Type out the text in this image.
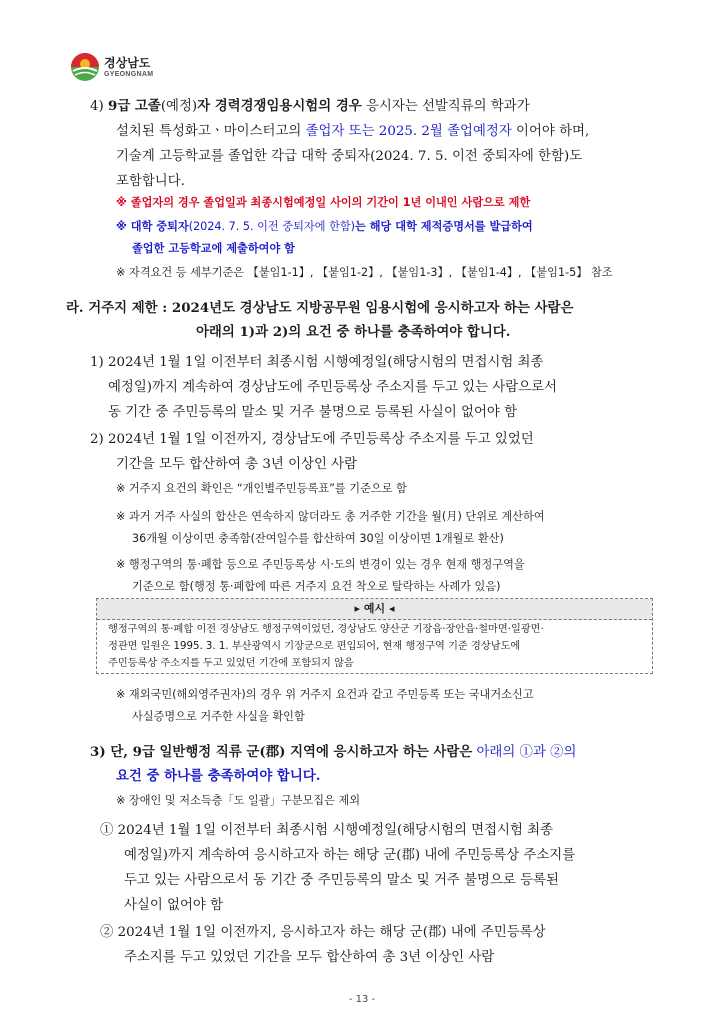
경상남도
GYEONGNAM
4) 9급 고졸(예정)자 경력경쟁임용시험의 경우 응시자는 선발직류의 학과가
설치된 특성화고ㆍ마이스터고의 졸업자 또는 2025. 2월 졸업예정자 이어야 하며,
기술계 고등학교를 졸업한 각급 대학 중퇴자(2024. 7. 5. 이전 중퇴자에 한함)도
포함합니다.
※ 졸업자의 경우 졸업일과 최종시험예정일 사이의 기간이 1년 이내인 사람으로 제한
※ 대학 중퇴자(2024. 7. 5. 이전 중퇴자에 한함)는 해당 대학 제적증명서를 발급하여
졸업한 고등학교에 제출하여야 함
※ 자격요건 등 세부기준은 【붙임1-1】, 【붙임1-2】, 【붙임1-3】, 【붙임1-4】, 【붙임1-5】 참조
라. 거주지 제한 : 2024년도 경상남도 지방공무원 임용시험에 응시하고자 하는 사람은
아래의 1)과 2)의 요건 중 하나를 충족하여야 합니다.
1) 2024년 1월 1일 이전부터 최종시험 시행예정일(해당시험의 면접시험 최종
예정일)까지 계속하여 경상남도에 주민등록상 주소지를 두고 있는 사람으로서
동 기간 중 주민등록의 말소 및 거주 불명으로 등록된 사실이 없어야 함
2) 2024년 1월 1일 이전까지, 경상남도에 주민등록상 주소지를 두고 있었던
기간을 모두 합산하여 총 3년 이상인 사람
※ 거주지 요건의 확인은 “개인별주민등록표”를 기준으로 함
※ 과거 거주 사실의 합산은 연속하지 않더라도 총 거주한 기간을 월(月) 단위로 계산하여
36개월 이상이면 충족함(잔여일수를 합산하여 30일 이상이면 1개월로 환산)
※ 행정구역의 통·폐합 등으로 주민등록상 시·도의 변경이 있는 경우 현재 행정구역을
기준으로 함(행정 통·폐합에 따른 거주지 요건 착오로 탈락하는 사례가 있음)
▸ 예시 ◂
행정구역의 통·폐합 이전 경상남도 행정구역이었던, 경상남도 양산군 기장읍·장안읍·철마면·일광면·
정관면 일원은 1995. 3. 1. 부산광역시 기장군으로 편입되어, 현재 행정구역 기준 경상남도에
주민등록상 주소지를 두고 있었던 기간에 포함되지 않음
※ 재외국민(해외영주권자)의 경우 위 거주지 요건과 같고 주민등록 또는 국내거소신고
사실증명으로 거주한 사실을 확인함
3) 단, 9급 일반행정 직류 군(郡) 지역에 응시하고자 하는 사람은 아래의 ①과 ②의
요건 중 하나를 충족하여야 합니다.
※ 장애인 및 저소득층「도 일괄」구분모집은 제외
① 2024년 1월 1일 이전부터 최종시험 시행예정일(해당시험의 면접시험 최종
예정일)까지 계속하여 응시하고자 하는 해당 군(郡) 내에 주민등록상 주소지를
두고 있는 사람으로서 동 기간 중 주민등록의 말소 및 거주 불명으로 등록된
사실이 없어야 함
② 2024년 1월 1일 이전까지, 응시하고자 하는 해당 군(郡) 내에 주민등록상
주소지를 두고 있었던 기간을 모두 합산하여 총 3년 이상인 사람
- 13 -
